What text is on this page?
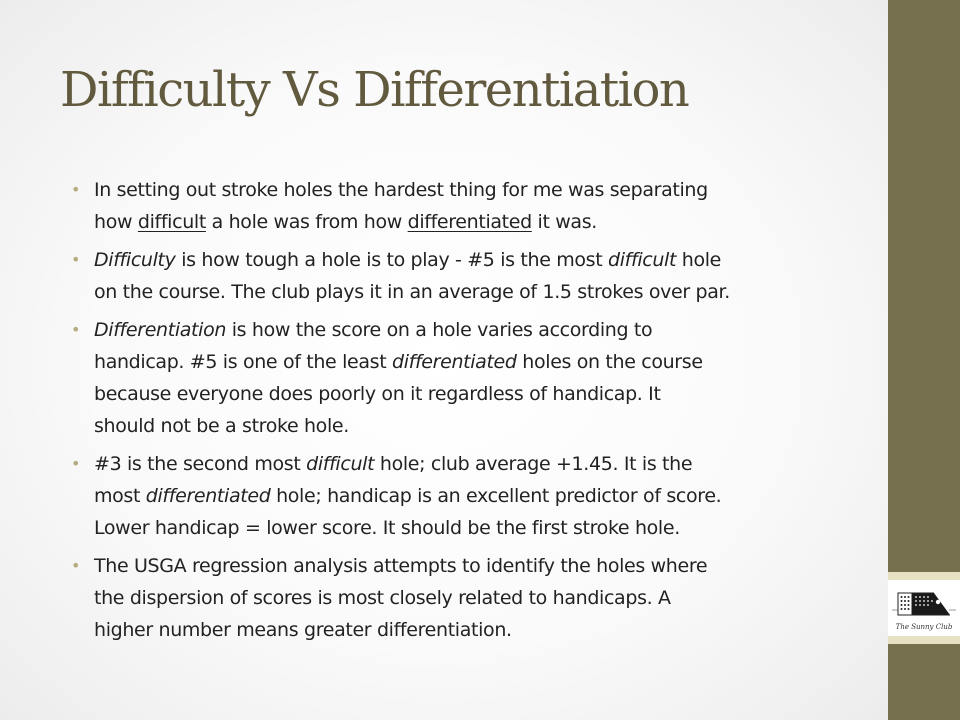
The Sunny Club
Difficulty Vs Differentiation
• In setting out stroke holes the hardest thing for me was separating
how difficult a hole was from how differentiated it was.
• Difficulty is how tough a hole is to play - #5 is the most difficult hole
on the course. The club plays it in an average of 1.5 strokes over par.
• Differentiation is how the score on a hole varies according to
handicap. #5 is one of the least differentiated holes on the course
because everyone does poorly on it regardless of handicap. It
should not be a stroke hole.
• #3 is the second most difficult hole; club average +1.45. It is the
most differentiated hole; handicap is an excellent predictor of score.
Lower handicap = lower score. It should be the first stroke hole.
• The USGA regression analysis attempts to identify the holes where
the dispersion of scores is most closely related to handicaps. A
higher number means greater differentiation.
